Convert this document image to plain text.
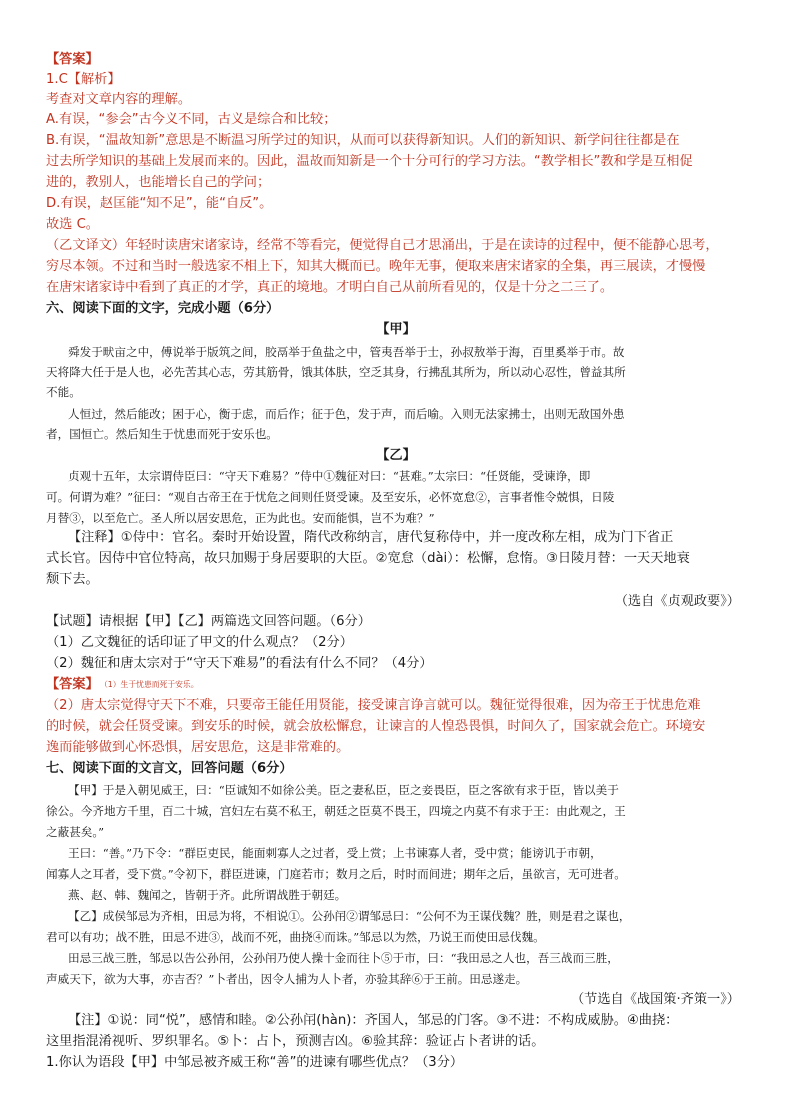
【答案】
1.C【解析】
考查对文章内容的理解。
A.有误，“参会”古今义不同，古义是综合和比较；
B.有误，“温故知新”意思是不断温习所学过的知识，从而可以获得新知识。人们的新知识、新学问往往都是在
过去所学知识的基础上发展而来的。因此，温故而知新是一个十分可行的学习方法。“教学相长”教和学是互相促
进的，教别人，也能增长自己的学问；
D.有误，赵匡能“知不足”，能“自反”。
故选 C。
（乙文译文）年轻时读唐宋诸家诗，经常不等看完，便觉得自己才思涌出，于是在读诗的过程中，便不能静心思考，
穷尽本领。不过和当时一般选家不相上下，知其大概而已。晚年无事，便取来唐宋诸家的全集，再三展读，才慢慢
在唐宋诸家诗中看到了真正的才学，真正的境地。才明白自己从前所看见的，仅是十分之二三了。
六、阅读下面的文字，完成小题（6分）
【甲】
舜发于畎亩之中，傅说举于版筑之间，胶鬲举于鱼盐之中，管夷吾举于士，孙叔敖举于海，百里奚举于市。故
天将降大任于是人也，必先苦其心志，劳其筋骨，饿其体肤，空乏其身，行拂乱其所为，所以动心忍性，曾益其所
不能。
人恒过，然后能改；困于心，衡于虑，而后作；征于色，发于声，而后喻。入则无法家拂士，出则无敌国外患
者，国恒亡。然后知生于忧患而死于安乐也。
【乙】
贞观十五年，太宗谓侍臣曰：“守天下难易？”侍中①魏征对曰：“甚难。”太宗曰：“任贤能，受谏诤，即
可。何谓为难？”征曰：“观自古帝王在于忧危之间则任贤受谏。及至安乐，必怀宽怠②，言事者惟令兢惧，日陵
月替③，以至危亡。圣人所以居安思危，正为此也。安而能惧，岂不为难？”
【注释】①侍中：官名。秦时开始设置，隋代改称纳言，唐代复称侍中，并一度改称左相，成为门下省正
式长官。因侍中官位特高，故只加赐于身居要职的大臣。②宽怠（dài）：松懈，怠惰。③日陵月替：一天天地衰
颓下去。
（选自《贞观政要》）
【试题】请根据【甲】【乙】两篇选文回答问题。（6分）
（1）乙文魏征的话印证了甲文的什么观点？（2分）
（2）魏征和唐太宗对于“守天下难易”的看法有什么不同？（4分）
【答案】 （1）生于忧患而死于安乐。
（2）唐太宗觉得守天下不难，只要帝王能任用贤能，接受谏言诤言就可以。魏征觉得很难，因为帝王于忧患危难
的时候，就会任贤受谏。到安乐的时候，就会放松懈怠，让谏言的人惶恐畏惧，时间久了，国家就会危亡。环境安
逸而能够做到心怀恐惧，居安思危，这是非常难的。
七、阅读下面的文言文，回答问题（6分）
【甲】于是入朝见威王，曰：“臣诚知不如徐公美。臣之妻私臣，臣之妾畏臣，臣之客欲有求于臣，皆以美于
徐公。今齐地方千里，百二十城，宫妇左右莫不私王，朝廷之臣莫不畏王，四境之内莫不有求于王：由此观之，王
之蔽甚矣。”
王曰：“善。”乃下令：“群臣吏民，能面刺寡人之过者，受上赏；上书谏寡人者，受中赏；能谤讥于市朝，
闻寡人之耳者，受下赏。”令初下，群臣进谏，门庭若市；数月之后，时时而间进；期年之后，虽欲言，无可进者。
燕、赵、韩、魏闻之，皆朝于齐。此所谓战胜于朝廷。
【乙】成侯邹忌为齐相，田忌为将，不相说①。公孙闬②谓邹忌曰：“公何不为王谋伐魏？胜，则是君之谋也，
君可以有功；战不胜，田忌不进③，战而不死，曲挠④而诛。”邹忌以为然，乃说王而使田忌伐魏。
田忌三战三胜，邹忌以告公孙闬，公孙闬乃使人操十金而往卜⑤于市，曰：“我田忌之人也，吾三战而三胜，
声威天下，欲为大事，亦吉否？”卜者出，因令人捕为人卜者，亦验其辞⑥于王前。田忌遂走。
（节选自《战国策·齐策一》）
【注】①说：同“悦”，感情和睦。②公孙闬(hàn)：齐国人，邹忌的门客。③不进：不构成威胁。④曲挠：
这里指混淆视听、罗织罪名。⑤卜：占卜，预测吉凶。⑥验其辞：验证占卜者讲的话。
1.你认为语段【甲】中邹忌被齐威王称“善”的进谏有哪些优点？（3分）
